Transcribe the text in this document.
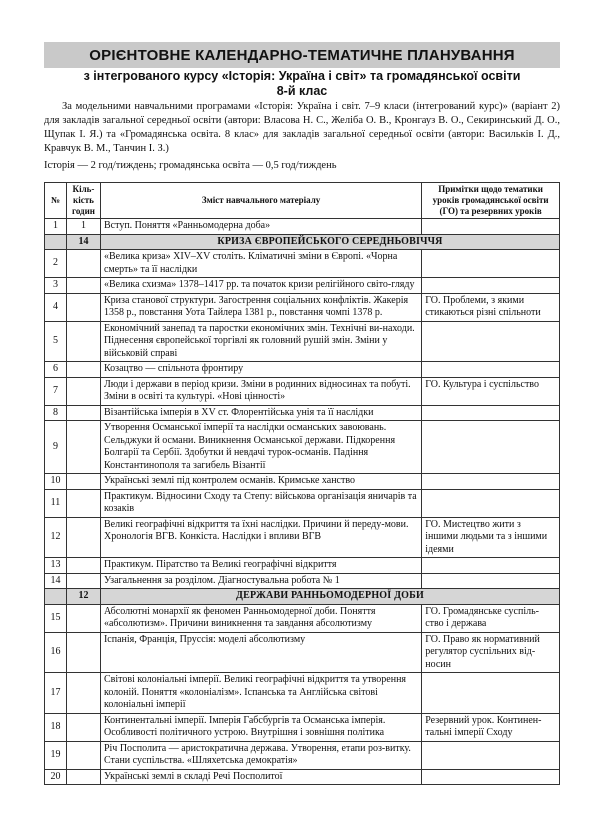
ОРІЄНТОВНЕ КАЛЕНДАРНО-ТЕМАТИЧНЕ ПЛАНУВАННЯ
з інтегрованого курсу «Історія: Україна і світ» та громадянської освіти
8-й клас
За модельними навчальними програмами «Історія: Україна і світ. 7–9 класи (інтегрований курс)» (варіант 2) для закладів загальної середньої освіти (автори: Власова Н. С., Желіба О. В., Кронгауз В. О., Секиринський Д. О., Щупак І. Я.) та «Громадянська освіта. 8 клас» для закладів загальної середньої освіти (автори: Васильків І. Д., Кравчук В. М., Танчин І. З.)
Історія — 2 год/тиждень; громадянська освіта — 0,5 год/тиждень
№	Кіль-кість годин	Зміст навчального матеріалу	Примітки щодо тематики уроків громадянської освіти (ГО) та резервних уроків
1	1	Вступ. Поняття «Ранньомодерна доба»	
	14	КРИЗА ЄВРОПЕЙСЬКОГО СЕРЕДНЬОВІЧЧЯ	
2		«Велика криза» XIV–XV століть. Кліматичні зміни в Європі. «Чорна смерть» та її наслідки	
3		«Велика схизма» 1378–1417 рр. та початок кризи релігійного світо-гляду	
4		Криза станової структури. Загострення соціальних конфліктів. Жакерія 1358 р., повстання Уота Тайлера 1381 р., повстання чомпі 1378 р.	ГО. Проблеми, з якими стикаються різні спільноти
5		Економічний занепад та паростки економічних змін. Технічні ви-находи. Піднесення європейської торгівлі як головний рушій змін. Зміни у військовій справі	
6		Козацтво — спільнота фронтиру	
7		Люди і держави в період кризи. Зміни в родинних відносинах та побуті. Зміни в освіті та культурі. «Нові цінності»	ГО. Культура і суспільство
8		Візантійська імперія в XV ст. Флорентійська унія та її наслідки	
9		Утворення Османської імперії та наслідки османських завоювань. Сельджуки й османи. Виникнення Османської держави. Підкорення Болгарії та Сербії. Здобутки й невдачі турок-османів. Падіння Константинополя та загибель Візантії	
10		Українські землі під контролем османів. Кримське ханство	
11		Практикум. Відносини Сходу та Степу: військова організація яничарів та козаків	
12		Великі географічні відкриття та їхні наслідки. Причини й переду-мови. Хронологія ВГВ. Конкіста. Наслідки і впливи ВГВ	ГО. Мистецтво жити з іншими людьми та з іншими ідеями
13		Практикум. Піратство та Великі географічні відкриття	
14		Узагальнення за розділом. Діагностувальна робота № 1	
	12	ДЕРЖАВИ РАННЬОМОДЕРНОЇ ДОБИ	
15		Абсолютні монархії як феномен Ранньомодерної доби. Поняття «абсолютизм». Причини виникнення та завдання абсолютизму	ГО. Громадянське суспіль-ство і держава
16		Іспанія, Франція, Пруссія: моделі абсолютизму	ГО. Право як нормативний регулятор суспільних від-носин
17		Світові колоніальні імперії. Великі географічні відкриття та утворення колоній. Поняття «колоніалізм». Іспанська та Англійська світові колоніальні імперії	
18		Континентальні імперії. Імперія Габсбургів та Османська імперія. Особливості політичного устрою. Внутрішня і зовнішня політика	Резервний урок. Континен-тальні імперії Сходу
19		Річ Посполита — аристократична держава. Утворення, етапи роз-витку. Стани суспільства. «Шляхетська демократія»	
20		Українські землі в складі Речі Посполитої	
